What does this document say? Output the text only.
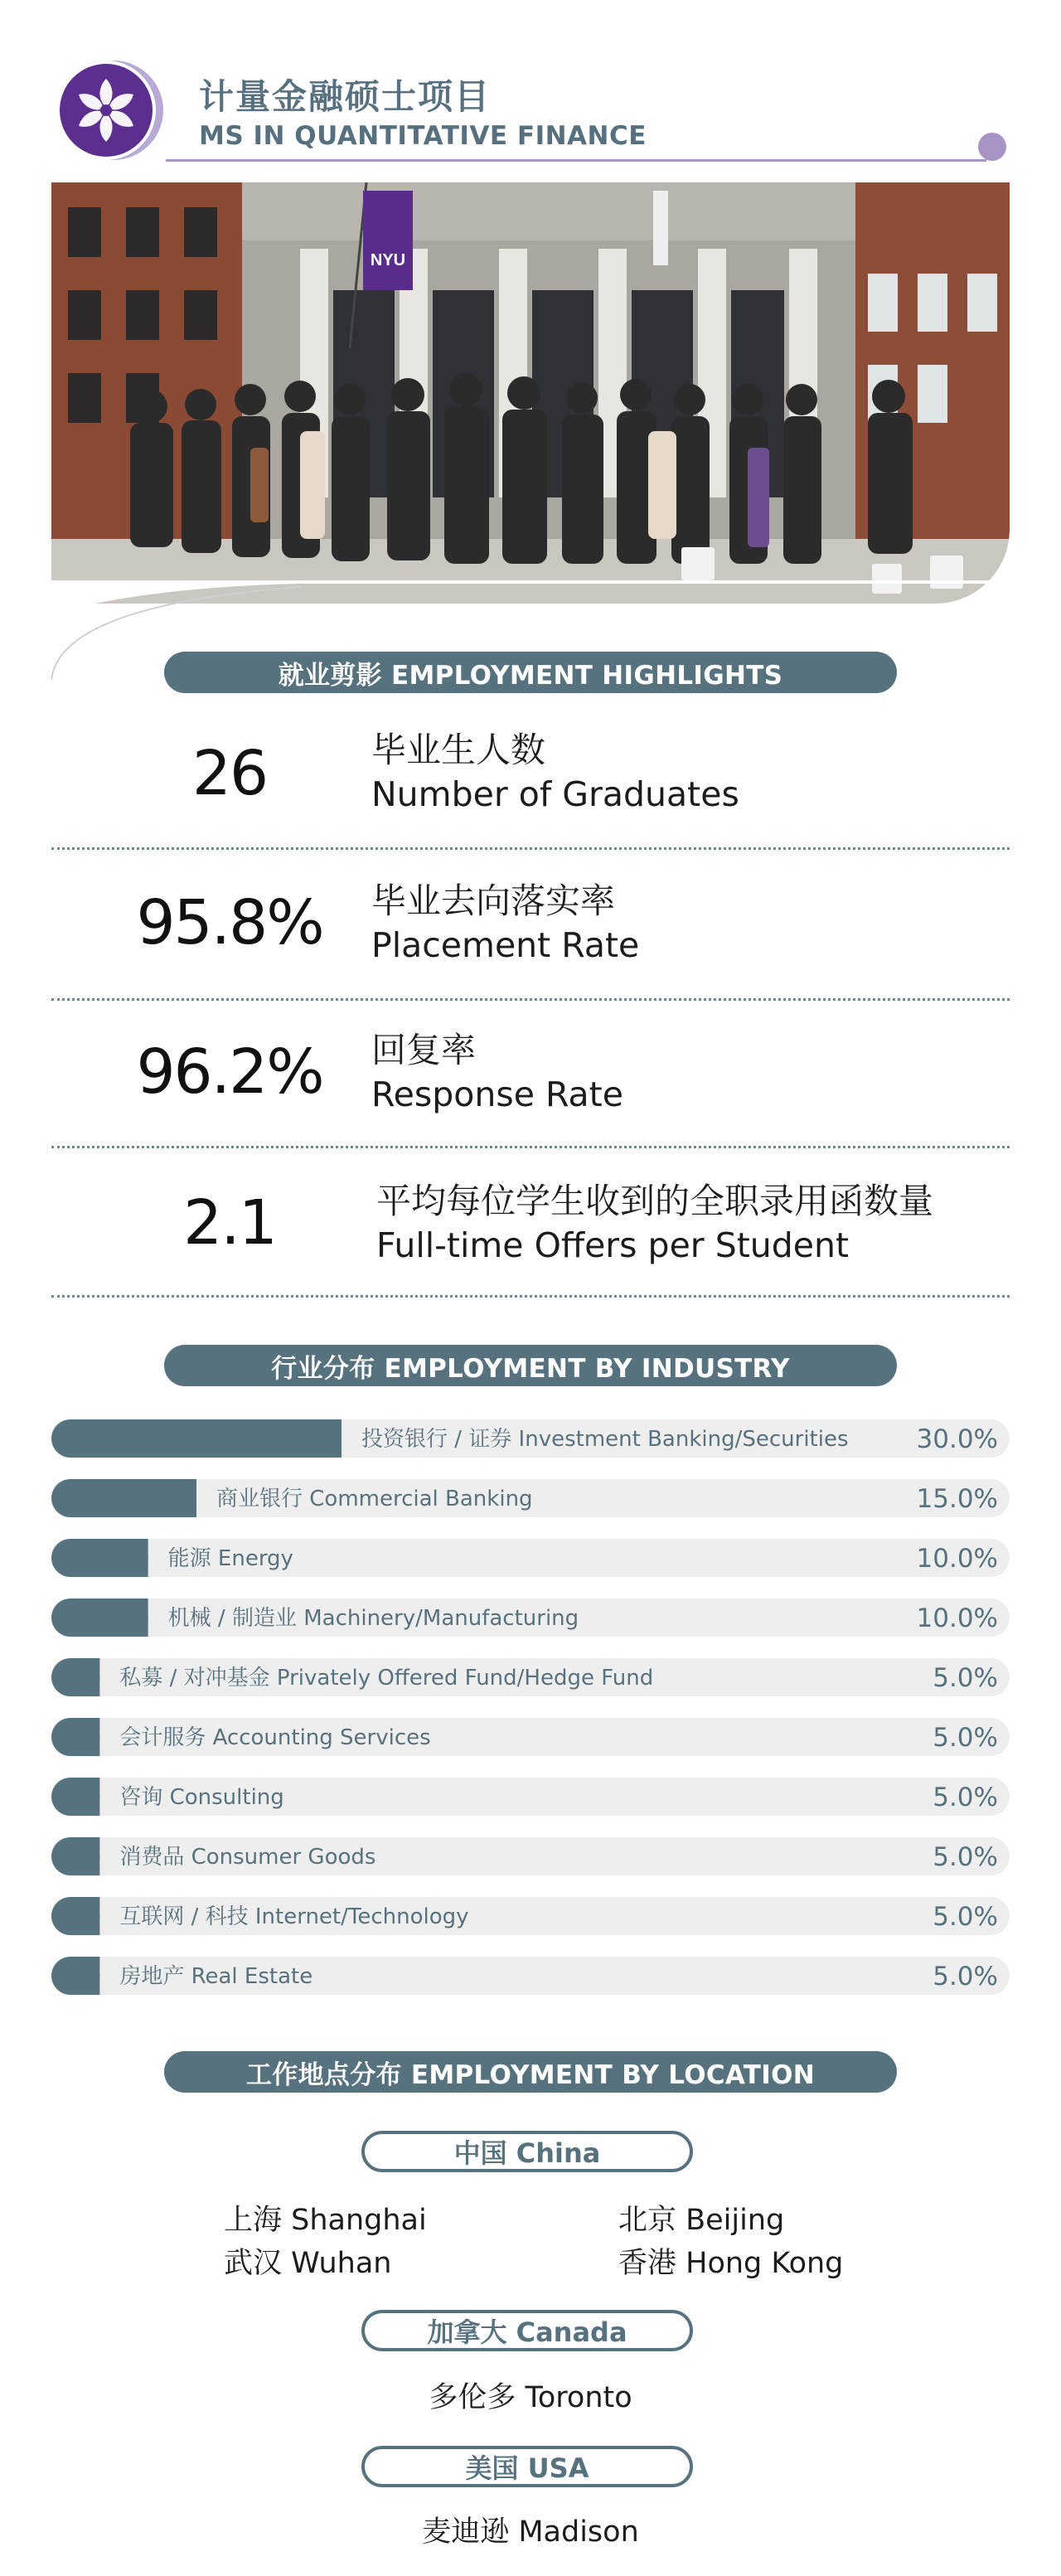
计量金融硕士项目
MS IN QUANTITATIVE FINANCE
NYU
就业剪影 EMPLOYMENT HIGHLIGHTS
26	毕业生人数
Number of Graduates
95.8%	毕业去向落实率
Placement Rate
96.2%	回复率
Response Rate
2.1	平均每位学生收到的全职录用函数量
Full-time Offers per Student
行业分布 EMPLOYMENT BY INDUSTRY
投资银行 / 证券 Investment Banking/Securities	30.0%
商业银行 Commercial Banking	15.0%
能源 Energy	10.0%
机械 / 制造业 Machinery/Manufacturing	10.0%
私募 / 对冲基金 Privately Offered Fund/Hedge Fund	5.0%
会计服务 Accounting Services	5.0%
咨询 Consulting	5.0%
消费品 Consumer Goods	5.0%
互联网 / 科技 Internet/Technology	5.0%
房地产 Real Estate	5.0%
工作地点分布 EMPLOYMENT BY LOCATION
中国 China
上海 Shanghai	北京 Beijing
武汉 Wuhan	香港 Hong Kong
加拿大 Canada
多伦多 Toronto
美国 USA
麦迪逊 Madison
